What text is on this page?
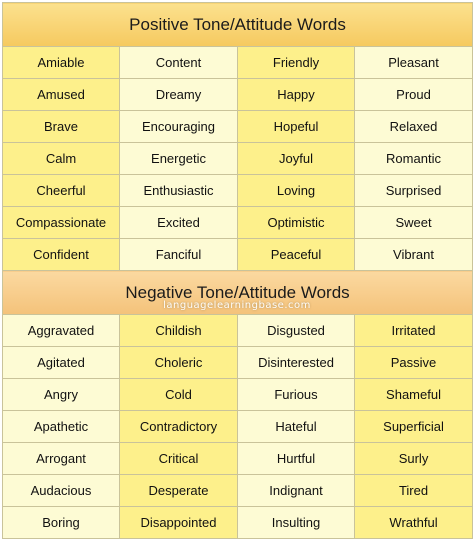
Positive Tone/Attitude Words			
Amiable	Content	Friendly	Pleasant
Amused	Dreamy	Happy	Proud
Brave	Encouraging	Hopeful	Relaxed
Calm	Energetic	Joyful	Romantic
Cheerful	Enthusiastic	Loving	Surprised
Compassionate	Excited	Optimistic	Sweet
Confident	Fanciful	Peaceful	Vibrant
Negative Tone/Attitude Words			
Aggravated	Childish	Disgusted	Irritated
Agitated	Choleric	Disinterested	Passive
Angry	Cold	Furious	Shameful
Apathetic	Contradictory	Hateful	Superficial
Arrogant	Critical	Hurtful	Surly
Audacious	Desperate	Indignant	Tired
Boring	Disappointed	Insulting	Wrathful
languagelearningbase.com
